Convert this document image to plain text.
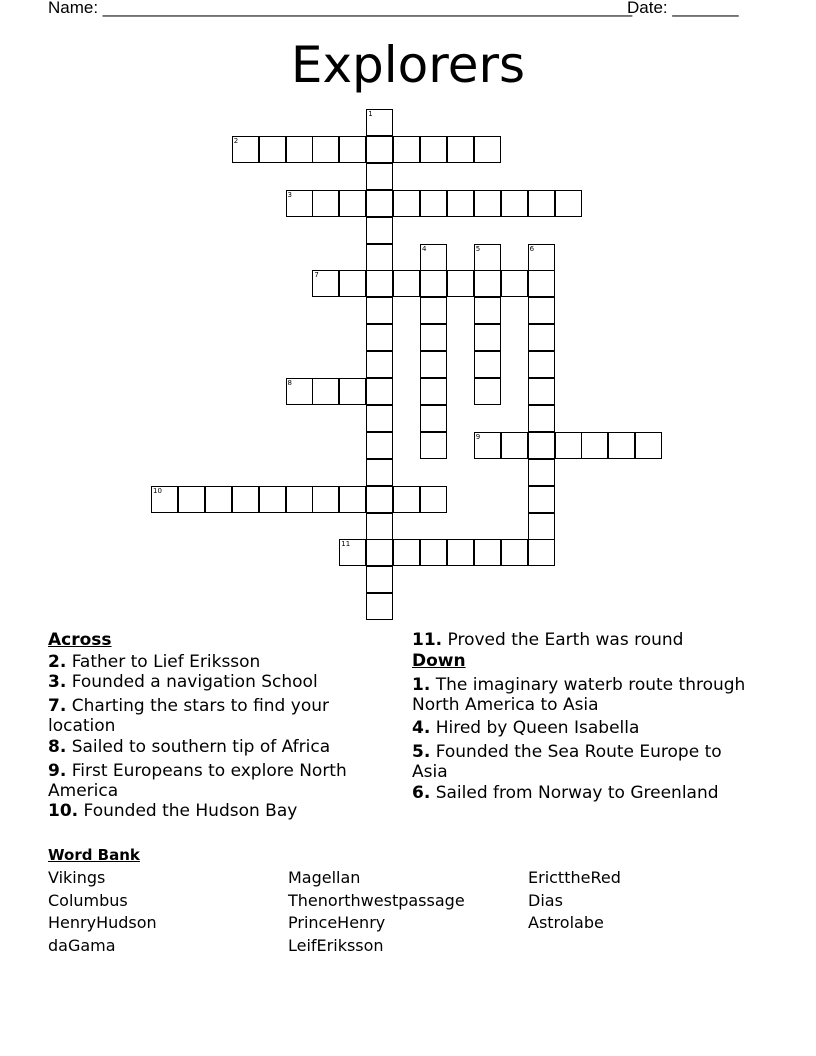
Name: ________________________________________________________
Date: _______
Explorers
1
2
3
4	5	6
7
8
9
10
11
Across
2. Father to Lief Eriksson
3. Founded a navigation School
7. Charting the stars to find your location
8. Sailed to southern tip of Africa
9. First Europeans to explore North America
10. Founded the Hudson Bay
11. Proved the Earth was round
Down
1. The imaginary waterb route through North America to Asia
4. Hired by Queen Isabella
5. Founded the Sea Route Europe to Asia
6. Sailed from Norway to Greenland
Word Bank
Vikings
Columbus
HenryHudson
daGama
Magellan
Thenorthwestpassage
PrinceHenry
LeifEriksson
EricttheRed
Dias
Astrolabe
